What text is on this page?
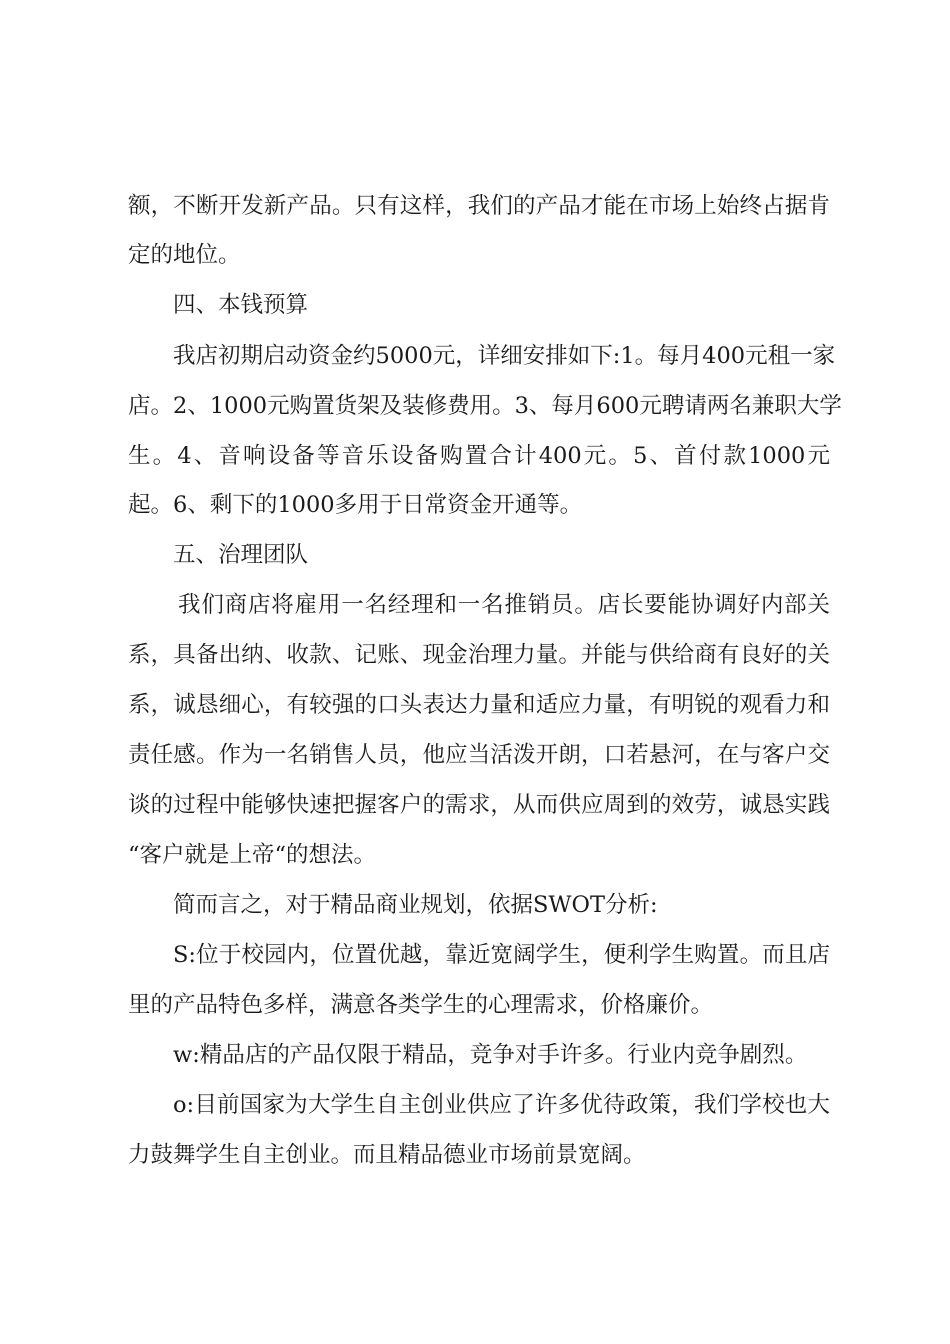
额，不断开发新产品。只有这样，我们的产品才能在市场上始终占据肯
定的地位。
四、本钱预算
我店初期启动资金约5000元，详细安排如下:1。每月400元租一家
店。2、1000元购置货架及装修费用。3、每月600元聘请两名兼职大学
生。4、音响设备等音乐设备购置合计400元。5、首付款1000元
起。6、剩下的1000多用于日常资金开通等。
五、治理团队
我们商店将雇用一名经理和一名推销员。店长要能协调好内部关
系，具备出纳、收款、记账、现金治理力量。并能与供给商有良好的关
系，诚恳细心，有较强的口头表达力量和适应力量，有明锐的观看力和
责任感。作为一名销售人员，他应当活泼开朗，口若悬河，在与客户交
谈的过程中能够快速把握客户的需求，从而供应周到的效劳，诚恳实践
“客户就是上帝“的想法。
简而言之，对于精品商业规划，依据SWOT分析:
S:位于校园内，位置优越，靠近宽阔学生，便利学生购置。而且店
里的产品特色多样，满意各类学生的心理需求，价格廉价。
w:精品店的产品仅限于精品，竞争对手许多。行业内竞争剧烈。
o:目前国家为大学生自主创业供应了许多优待政策，我们学校也大
力鼓舞学生自主创业。而且精品德业市场前景宽阔。
